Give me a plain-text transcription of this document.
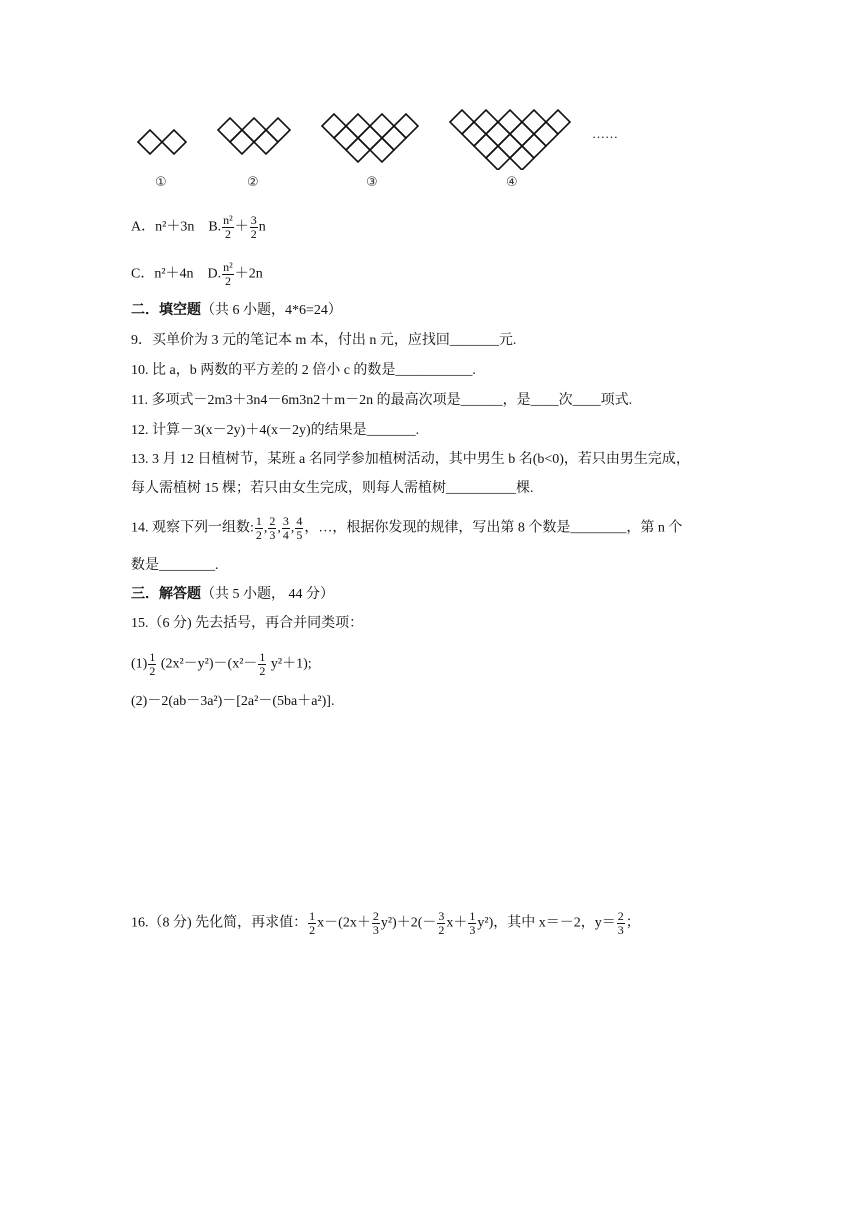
……
①	②	③	④
A．n²＋3n B. $\frac{\text{n²}}{2} + \frac{3}{2}$ n
C．n²＋4n D. $\frac{\text{n²}}{2} +2n$
二．填空题（共 6 小题，4*6=24）
9．买单价为 3 元的笔记本 m 本，付出 n 元，应找回_______元.
10. 比 a，b 两数的平方差的 2 倍小 c 的数是___________.
11. 多项式－2m3＋3n4－6m3n2＋m－2n 的最高次项是______，是____次____项式.
12. 计算－3(x－2y)＋4(x－2y)的结果是_______.
13. 3 月 12 日植树节，某班 a 名同学参加植树活动，其中男生 b 名(b<0)，若只由男生完成，
每人需植树 15 棵；若只由女生完成，则每人需植树__________棵.
14. 观察下列一组数: $\frac{1}{2}$ , $\frac{2}{3}$ , $\frac{3}{4}$ , $\frac{4}{5}$ ，…，根据你发现的规律，写出第 8 个数是________，第 n 个
数是________.
三．解答题（共 5 小题， 44 分）
15.（6 分) 先去括号，再合并同类项：
$(1) \frac{1}{2} (2x^2-y^2)-(x^2- \frac{1}{2} y^2+1)$;
(2)－2(ab－3a²)－[2a²－(5ba＋a²)].
16.（8 分) 先化简，再求值： $\frac{1}{2} x-(2x+ \frac{2}{3} y^2)+2(- \frac{3}{2} x+ \frac{1}{3} y^2)$，其中 x＝－2，$y= \frac{2}{3}$ ；
